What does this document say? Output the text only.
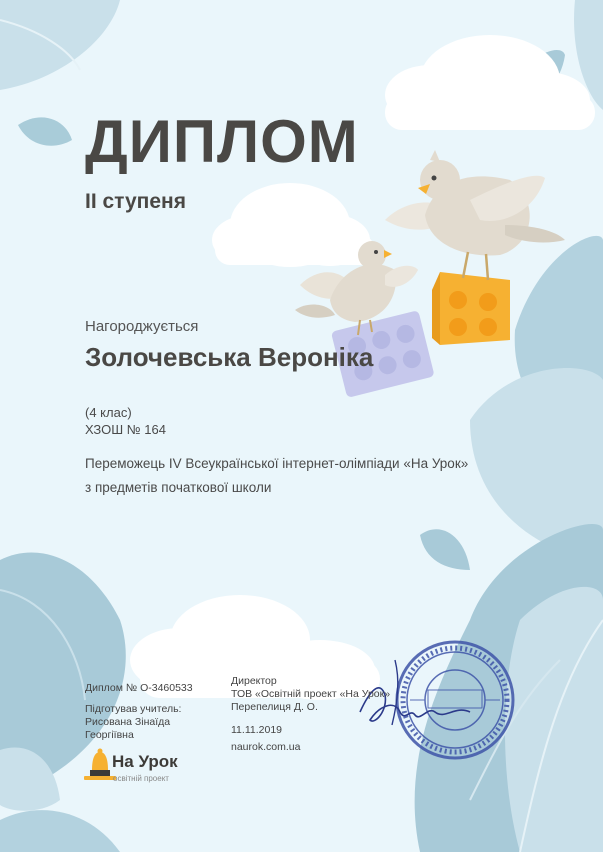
ДИПЛОМ
II ступеня
Нагороджується
Золочевська Вероніка
(4 клас)
ХЗОШ № 164
Переможець IV Всеукраїнської інтернет-олімпіади «На Урок»
з предметів початкової школи
Диплом № О-3460533
Підготував учитель:
Рисована Зінаїда Георгіївна
Директор
ТОВ «Освітній проект «На Урок»
Перепелиця Д. О.
11.11.2019
naurok.com.ua
На Урок
освітній проект
